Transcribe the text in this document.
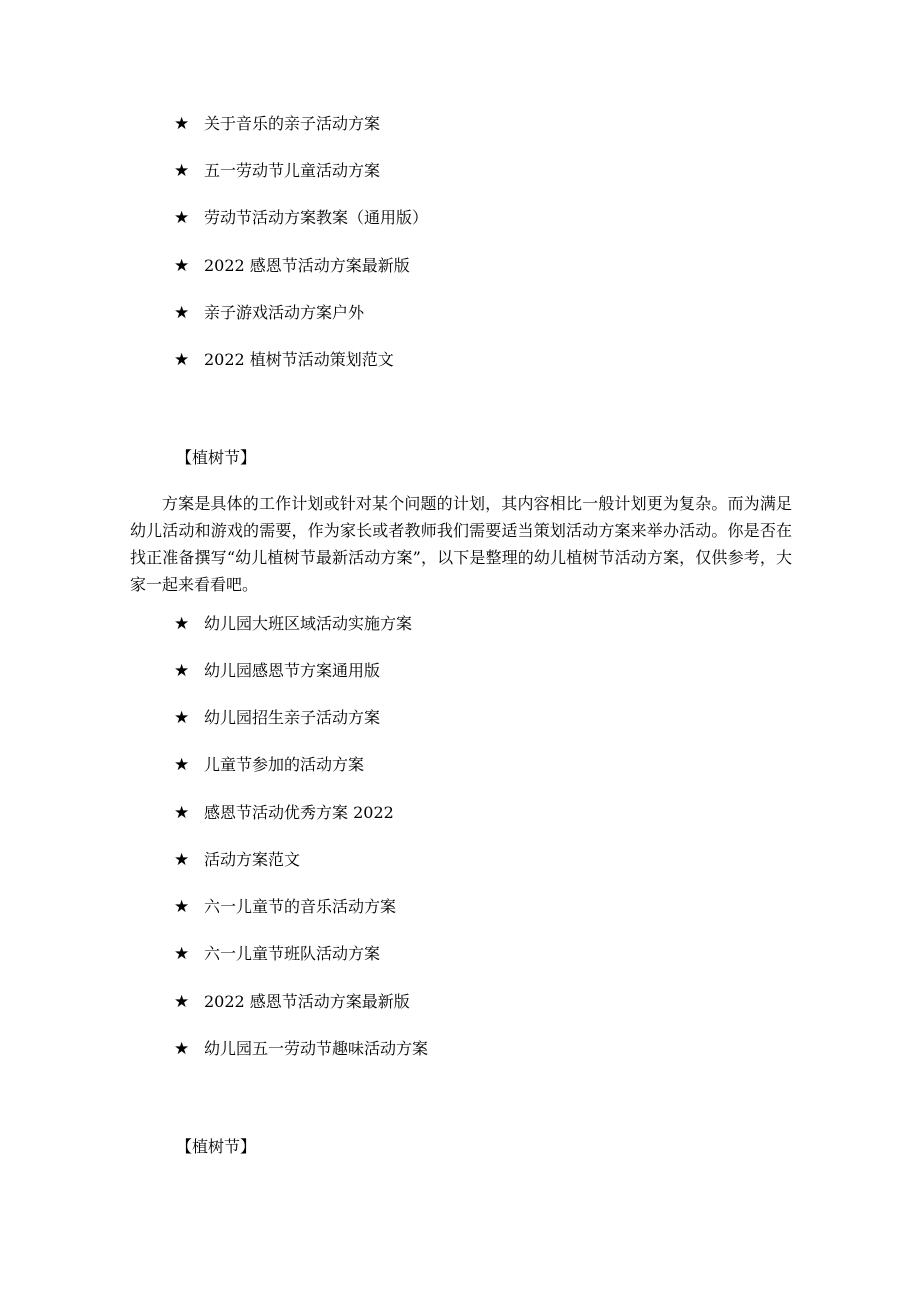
★ 关于音乐的亲子活动方案
★ 五一劳动节儿童活动方案
★ 劳动节活动方案教案（通用版）
★ 2022 感恩节活动方案最新版
★ 亲子游戏活动方案户外
★ 2022 植树节活动策划范文
【植树节】

方案是具体的工作计划或针对某个问题的计划，其内容相比一般计划更为复杂。而为满足幼儿活动和游戏的需要，作为家长或者教师我们需要适当策划活动方案来举办活动。你是否在找正准备撰写“幼儿植树节最新活动方案”，以下是整理的幼儿植树节活动方案，仅供参考，大家一起来看看吧。

★ 幼儿园大班区域活动实施方案
★ 幼儿园感恩节方案通用版
★ 幼儿园招生亲子活动方案
★ 儿童节参加的活动方案
★ 感恩节活动优秀方案 2022
★ 活动方案范文
★ 六一儿童节的音乐活动方案
★ 六一儿童节班队活动方案
★ 2022 感恩节活动方案最新版
★ 幼儿园五一劳动节趣味活动方案
【植树节】
